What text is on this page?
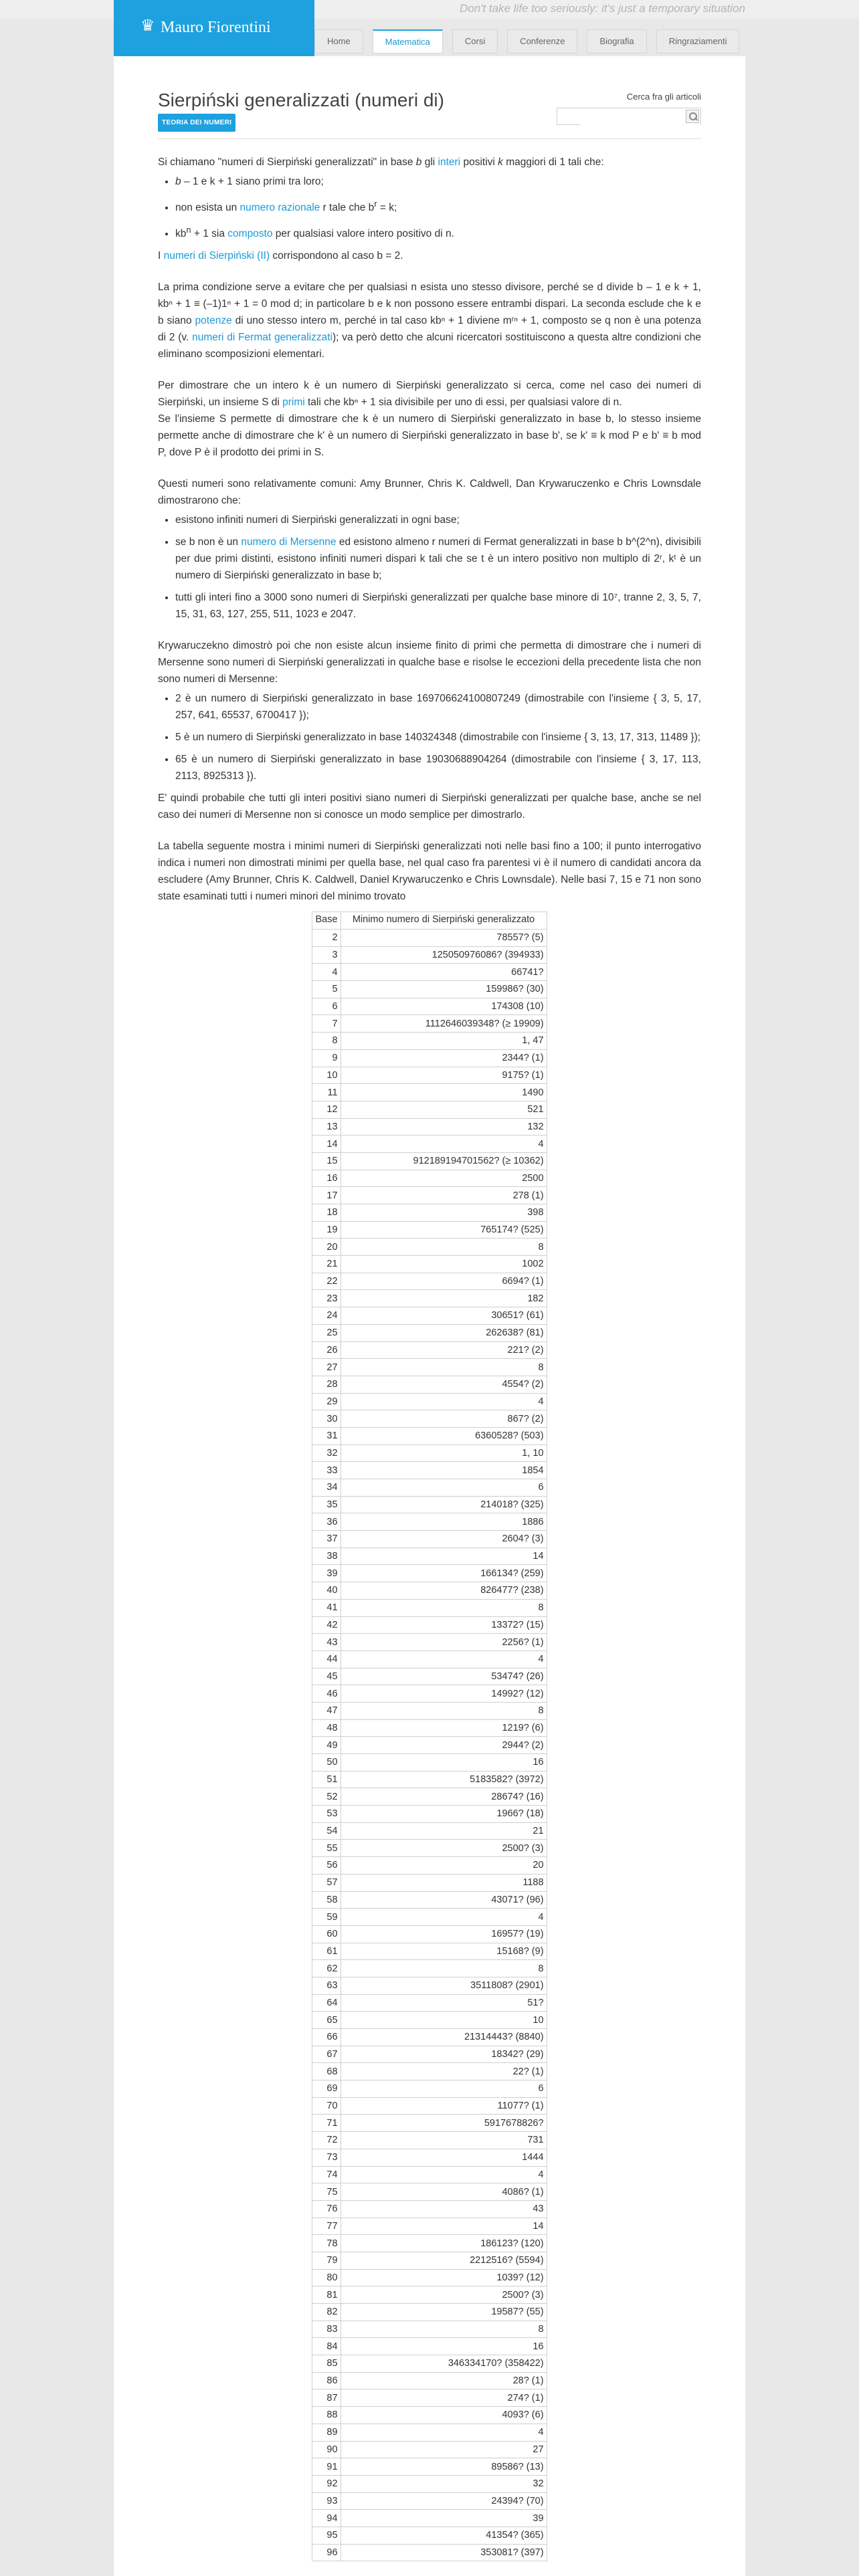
Don't take life too seriously: it's just a temporary situation
♛ Mauro Fiorentini
Home	Matematica	Corsi	Conferenze	Biografia	Ringraziamenti
Cerca fra gli articoli
Sierpiński generalizzati (numeri di)
TEORIA DEI NUMERI

Si chiamano "numeri di Sierpiński generalizzati" in base b gli interi positivi k maggiori di 1 tali che:

• b – 1 e k + 1 siano primi tra loro;
• non esista un numero razionale r tale che $b^r = k$;
• $kb^n + 1$ sia composto per qualsiasi valore intero positivo di n.

I numeri di Sierpiński (II) corrispondono al caso b = 2.

La prima condizione serve a evitare che per qualsiasi n esista uno stesso divisore, perché se d divide b – 1 e k + 1, kbⁿ + 1 ≡ (–1)1ⁿ + 1 = 0 mod d; in particolare b e k non possono essere entrambi dispari. La seconda esclude che k e b siano potenze di uno stesso intero m, perché in tal caso kbⁿ + 1 diviene mʳⁿ + 1, composto se q non è una potenza di 2 (v. numeri di Fermat generalizzati); va però detto che alcuni ricercatori sostituiscono a questa altre condizioni che eliminano scomposizioni elementari.

Per dimostrare che un intero k è un numero di Sierpiński generalizzato si cerca, come nel caso dei numeri di Sierpiński, un insieme S di primi tali che kbⁿ + 1 sia divisibile per uno di essi, per qualsiasi valore di n.
Se l'insieme S permette di dimostrare che k è un numero di Sierpiński generalizzato in base b, lo stesso insieme permette anche di dimostrare che k' è un numero di Sierpiński generalizzato in base b', se k' ≡ k mod P e b' ≡ b mod P, dove P è il prodotto dei primi in S.

Questi numeri sono relativamente comuni: Amy Brunner, Chris K. Caldwell, Dan Krywaruczenko e Chris Lownsdale dimostrarono che:

• esistono infiniti numeri di Sierpiński generalizzati in ogni base;
• se b non è un numero di Mersenne ed esistono almeno r numeri di Fermat generalizzati in base b b^(2^n), divisibili per due primi distinti, esistono infiniti numeri dispari k tali che se t è un intero positivo non multiplo di 2ʳ, kᵗ è un numero di Sierpiński generalizzato in base b;
• tutti gli interi fino a 3000 sono numeri di Sierpiński generalizzati per qualche base minore di 10⁷, tranne 2, 3, 5, 7, 15, 31, 63, 127, 255, 511, 1023 e 2047.

Krywaruczekno dimostrò poi che non esiste alcun insieme finito di primi che permetta di dimostrare che i numeri di Mersenne sono numeri di Sierpiński generalizzati in qualche base e risolse le eccezioni della precedente lista che non sono numeri di Mersenne:

• 2 è un numero di Sierpiński generalizzato in base 169706624100807249 (dimostrabile con l'insieme { 3, 5, 17, 257, 641, 65537, 6700417 });
• 5 è un numero di Sierpiński generalizzato in base 140324348 (dimostrabile con l'insieme { 3, 13, 17, 313, 11489 });
• 65 è un numero di Sierpiński generalizzato in base 19030688904264 (dimostrabile con l'insieme { 3, 17, 113, 2113, 8925313 }).

E' quindi probabile che tutti gli interi positivi siano numeri di Sierpiński generalizzati per qualche base, anche se nel caso dei numeri di Mersenne non si conosce un modo semplice per dimostrarlo.

La tabella seguente mostra i minimi numeri di Sierpiński generalizzati noti nelle basi fino a 100; il punto interrogativo indica i numeri non dimostrati minimi per quella base, nel qual caso fra parentesi vi è il numero di candidati ancora da escludere (Amy Brunner, Chris K. Caldwell, Daniel Krywaruczenko e Chris Lownsdale). Nelle basi 7, 15 e 71 non sono state esaminati tutti i numeri minori del minimo trovato

Base	Minimo numero di Sierpiński generalizzato
2	78557? (5)
3	125050976086? (394933)
4	66741?
5	159986? (30)
6	174308 (10)
7	1112646039348? (≥ 19909)
8	1, 47
9	2344? (1)
10	9175? (1)
11	1490
12	521
13	132
14	4
15	912189194701562? (≥ 10362)
16	2500
17	278 (1)
18	398
19	765174? (525)
20	8
21	1002
22	6694? (1)
23	182
24	30651? (61)
25	262638? (81)
26	221? (2)
27	8
28	4554? (2)
29	4
30	867? (2)
31	6360528? (503)
32	1, 10
33	1854
34	6
35	214018? (325)
36	1886
37	2604? (3)
38	14
39	166134? (259)
40	826477? (238)
41	8
42	13372? (15)
43	2256? (1)
44	4
45	53474? (26)
46	14992? (12)
47	8
48	1219? (6)
49	2944? (2)
50	16
51	5183582? (3972)
52	28674? (16)
53	1966? (18)
54	21
55	2500? (3)
56	20
57	1188
58	43071? (96)
59	4
60	16957? (19)
61	15168? (9)
62	8
63	3511808? (2901)
64	51?
65	10
66	21314443? (8840)
67	18342? (29)
68	22? (1)
69	6
70	11077? (1)
71	5917678826?
72	731
73	1444
74	4
75	4086? (1)
76	43
77	14
78	186123? (120)
79	2212516? (5594)
80	1039? (12)
81	2500? (3)
82	19587? (55)
83	8
84	16
85	346334170? (358422)
86	28? (1)
87	274? (1)
88	4093? (6)
89	4
90	27
91	89586? (13)
92	32
93	24394? (70)
94	39
95	41354? (365)
96	353081? (397)
